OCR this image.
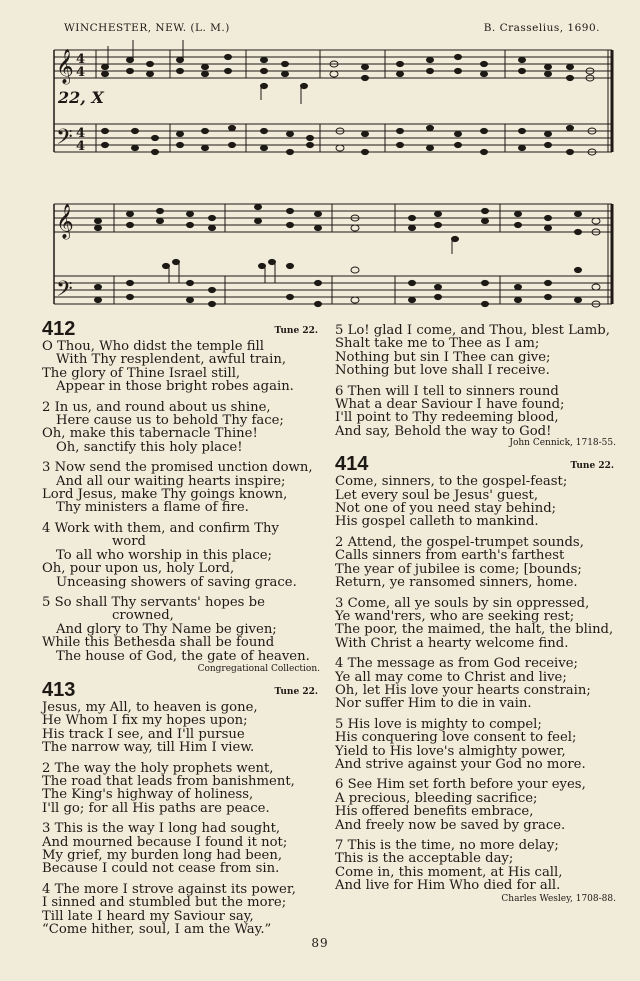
WINCHESTER, NEW. (L. M.)	B. Crasselius, 1690.
22, X
𝄞
𝄢
4
4
4
4
𝄞
𝄢
412	Tune 22.
O Thou, Who didst the temple fill
With Thy resplendent, awful train,
The glory of Thine Israel still,
Appear in those bright robes again.
2 In us, and round about us shine,
Here cause us to behold Thy face;
Oh, make this tabernacle Thine!
Oh, sanctify this holy place!
3 Now send the promised unction down,
And all our waiting hearts inspire;
Lord Jesus, make Thy goings known,
Thy ministers a flame of fire.
4 Work with them, and confirm Thy
word
To all who worship in this place;
Oh, pour upon us, holy Lord,
Unceasing showers of saving grace.
5 So shall Thy servants' hopes be
crowned,
And glory to Thy Name be given;
While this Bethesda shall be found
The house of God, the gate of heaven.
Congregational Collection.
413	Tune 22.
Jesus, my All, to heaven is gone,
He Whom I fix my hopes upon;
His track I see, and I'll pursue
The narrow way, till Him I view.
2 The way the holy prophets went,
The road that leads from banishment,
The King's highway of holiness,
I'll go; for all His paths are peace.
3 This is the way I long had sought,
And mourned because I found it not;
My grief, my burden long had been,
Because I could not cease from sin.
4 The more I strove against its power,
I sinned and stumbled but the more;
Till late I heard my Saviour say,
“Come hither, soul, I am the Way.”
5 Lo! glad I come, and Thou, blest Lamb,
Shalt take me to Thee as I am;
Nothing but sin I Thee can give;
Nothing but love shall I receive.
6 Then will I tell to sinners round
What a dear Saviour I have found;
I'll point to Thy redeeming blood,
And say, Behold the way to God!
John Cennick, 1718-55.
414	Tune 22.
Come, sinners, to the gospel-feast;
Let every soul be Jesus' guest,
Not one of you need stay behind;
His gospel calleth to mankind.
2 Attend, the gospel-trumpet sounds,
Calls sinners from earth's farthest
The year of jubilee is come; [bounds;
Return, ye ransomed sinners, home.
3 Come, all ye souls by sin oppressed,
Ye wand'rers, who are seeking rest;
The poor, the maimed, the halt, the blind,
With Christ a hearty welcome find.
4 The message as from God receive;
Ye all may come to Christ and live;
Oh, let His love your hearts constrain;
Nor suffer Him to die in vain.
5 His love is mighty to compel;
His conquering love consent to feel;
Yield to His love's almighty power,
And strive against your God no more.
6 See Him set forth before your eyes,
A precious, bleeding sacrifice;
His offered benefits embrace,
And freely now be saved by grace.
7 This is the time, no more delay;
This is the acceptable day;
Come in, this moment, at His call,
And live for Him Who died for all.
Charles Wesley, 1708-88.
89
